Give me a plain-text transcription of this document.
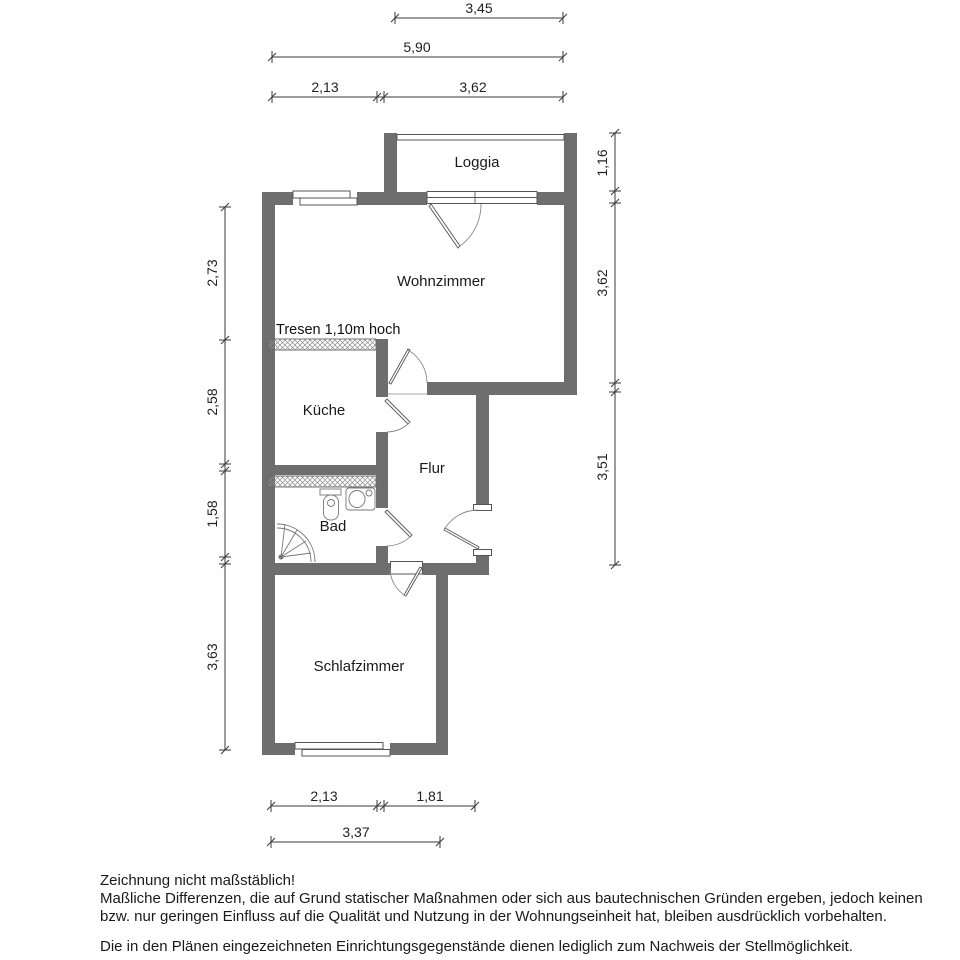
Loggia
Wohnzimmer
Küche
Flur
Bad
Schlafzimmer
Tresen 1,10m hoch
3,45
5,90
2,13	3,62
2,13	1,81
3,37
2,73
2,58
1,58
3,63
1,16
3,62
3,51
Zeichnung nicht maßstäblich!
Maßliche Differenzen, die auf Grund statischer Maßnahmen oder sich aus bautechnischen Gründen ergeben, jedoch keinen
bzw. nur geringen Einfluss auf die Qualität und Nutzung in der Wohnungseinheit hat, bleiben ausdrücklich vorbehalten.
Die in den Plänen eingezeichneten Einrichtungsgegenstände dienen lediglich zum Nachweis der Stellmöglichkeit.
